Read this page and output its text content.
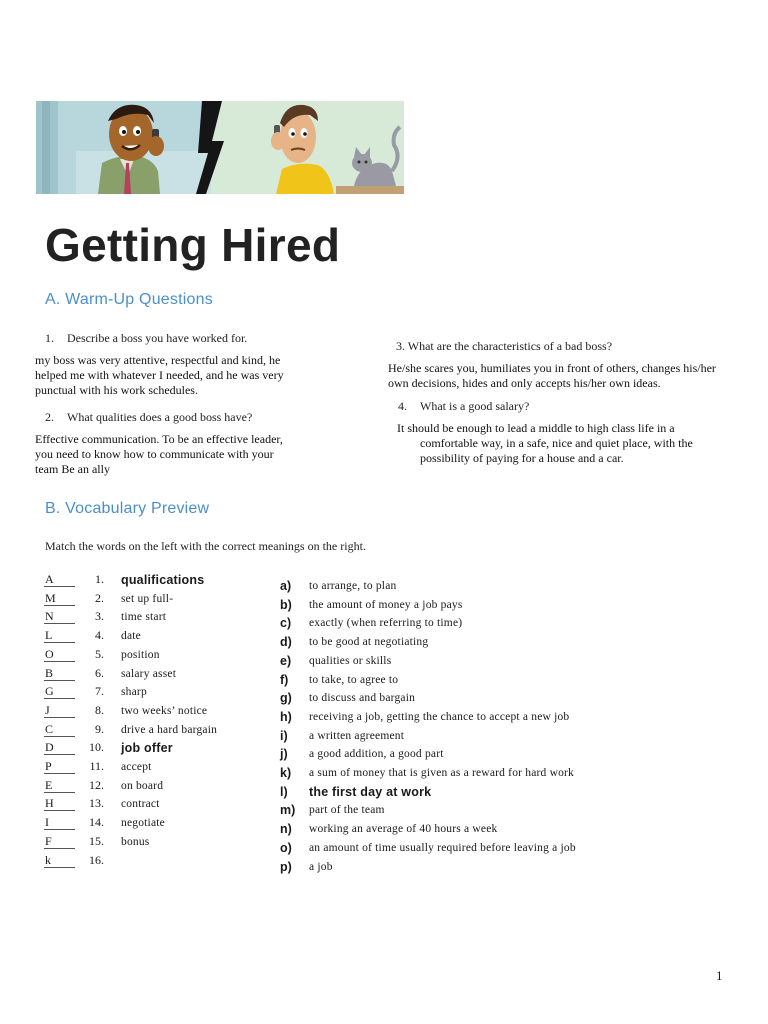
Getting Hired
A. Warm-Up Questions
1. Describe a boss you have worked for.
my boss was very attentive, respectful and kind, he
helped me with whatever I needed, and he was very
punctual with his work schedules.
2. What qualities does a good boss have?
Effective communication. To be an effective leader,
you need to know how to communicate with your
team Be an ally
3. What are the characteristics of a bad boss?
He/she scares you, humiliates you in front of others, changes his/her
own decisions, hides and only accepts his/her own ideas.
4. What is a good salary?
It should be enough to lead a middle to high class life in a
comfortable way, in a safe, nice and quiet place, with the
possibility of paying for a house and a car.
B. Vocabulary Preview
Match the words on the left with the correct meanings on the right.
A	1. qualifications
M	2. set up full-
N	3. time start
L	4. date
O	5. position
B	6. salary asset
G	7. sharp
J	8. two weeks’ notice
C	9. drive a hard bargain
D	10. job offer
P	11. accept
E	12. on board
H	13. contract
I	14. negotiate
F	15. bonus
k	16.
a)	to arrange, to plan
b)	the amount of money a job pays
c)	exactly (when referring to time)
d)	to be good at negotiating
e)	qualities or skills
f)	to take, to agree to
g)	to discuss and bargain
h)	receiving a job, getting the chance to accept a new job
i)	a written agreement
j)	a good addition, a good part
k)	a sum of money that is given as a reward for hard work
l)	the first day at work
m)	part of the team
n)	working an average of 40 hours a week
o)	an amount of time usually required before leaving a job
p)	a job
1
